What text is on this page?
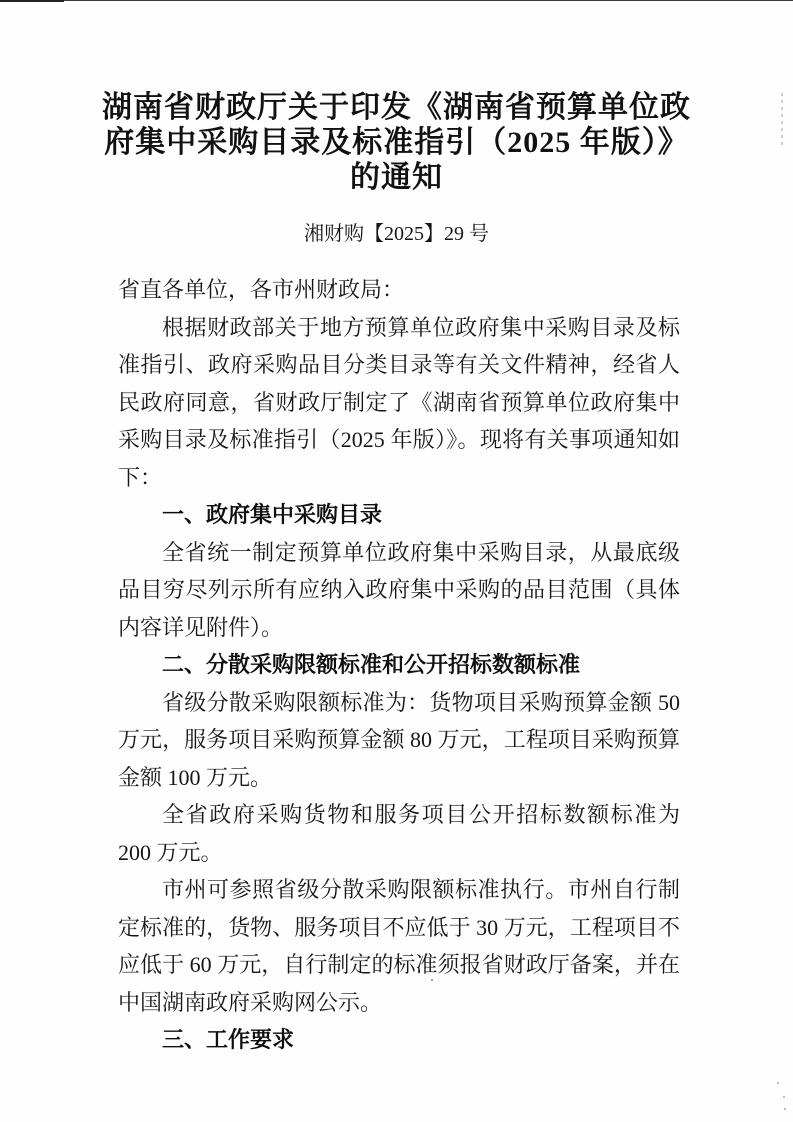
湖南省财政厅关于印发《湖南省预算单位政
府集中采购目录及标准指引（2025 年版）》
的通知
湘财购【2025】29 号

省直各单位，各市州财政局：

根据财政部关于地方预算单位政府集中采购目录及标准指引、政府采购品目分类目录等有关文件精神，经省人民政府同意，省财政厅制定了《湖南省预算单位政府集中采购目录及标准指引（2025 年版）》。现将有关事项通知如下：

一、政府集中采购目录

全省统一制定预算单位政府集中采购目录，从最底级品目穷尽列示所有应纳入政府集中采购的品目范围（具体内容详见附件）。

二、分散采购限额标准和公开招标数额标准

省级分散采购限额标准为：货物项目采购预算金额 50 万元，服务项目采购预算金额 80 万元，工程项目采购预算金额 100 万元。

全省政府采购货物和服务项目公开招标数额标准为 200 万元。

市州可参照省级分散采购限额标准执行。市州自行制定标准的，货物、服务项目不应低于 30 万元，工程项目不应低于 60 万元，自行制定的标准须报省财政厅备案，并在中国湖南政府采购网公示。

三、工作要求
